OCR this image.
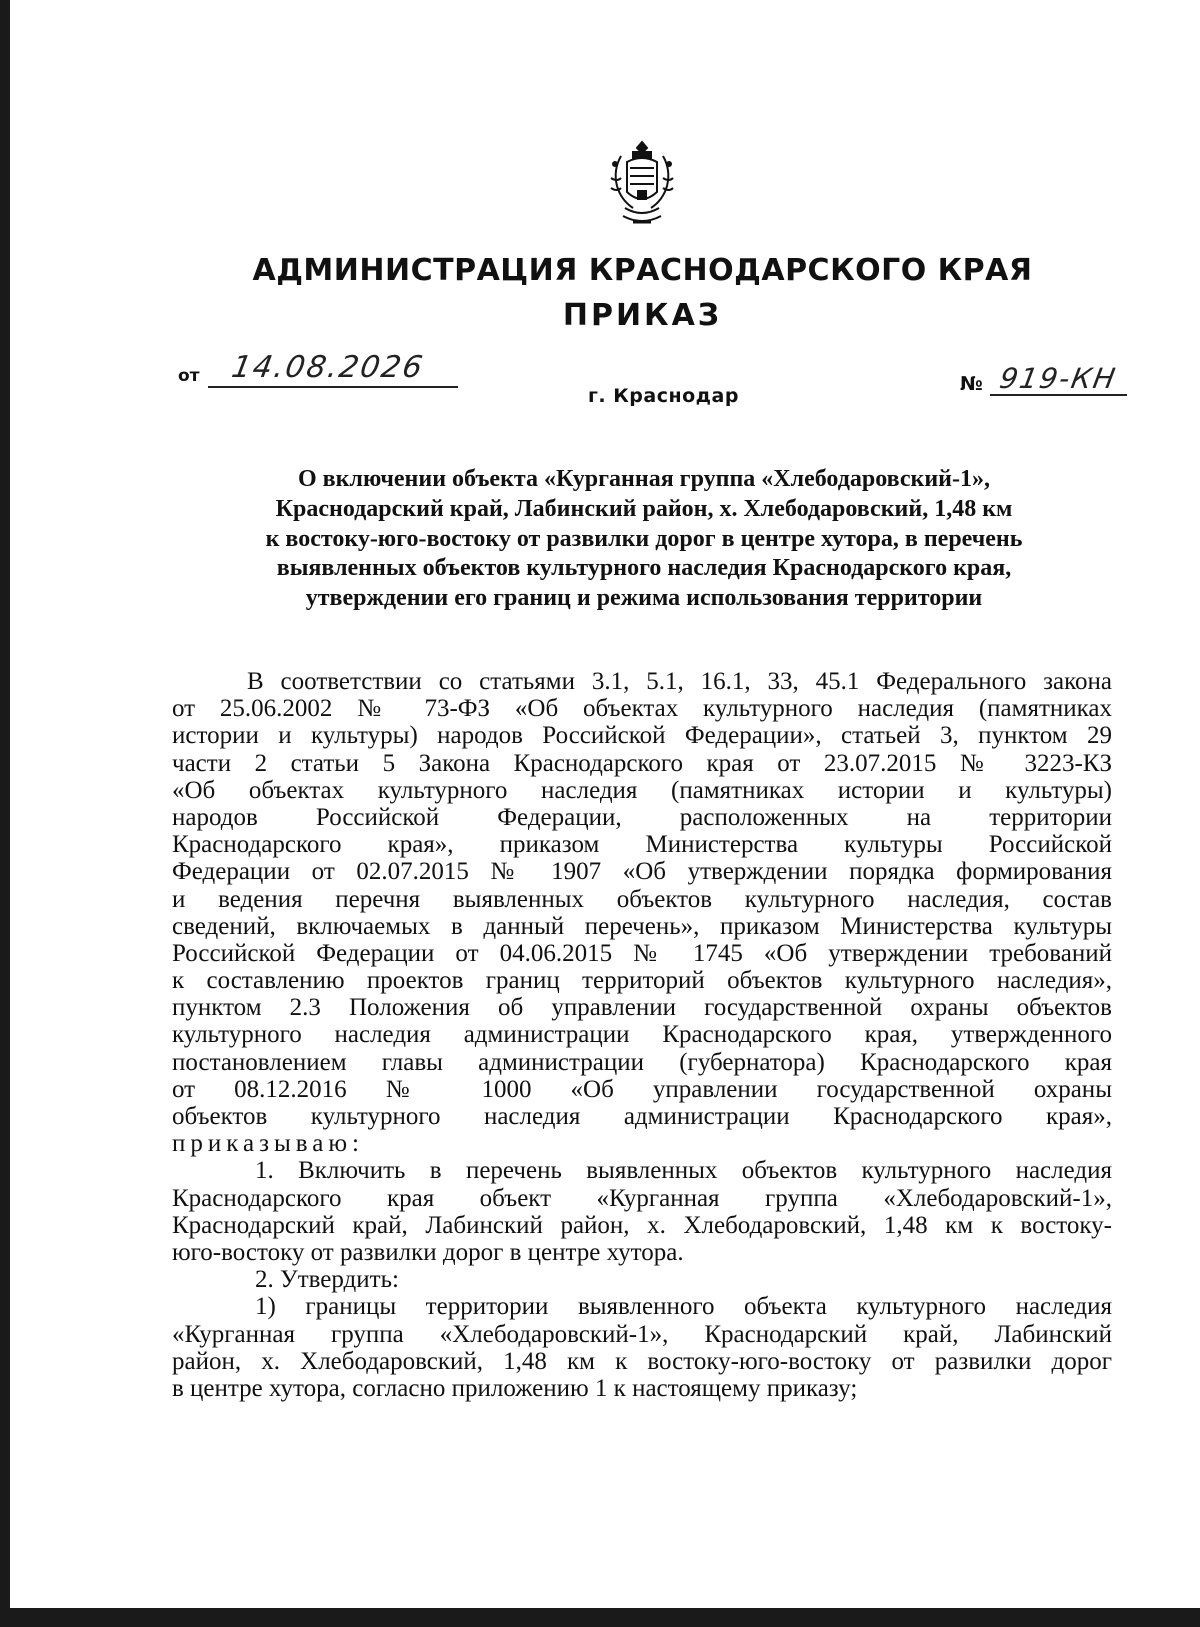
АДМИНИСТРАЦИЯ КРАСНОДАРСКОГО КРАЯ
ПРИКАЗ
от 14.08.2026	№ 919-КН
г. Краснодар
О включении объекта «Курганная группа «Хлебодаровский-1»,
Краснодарский край, Лабинский район, х. Хлебодаровский, 1,48 км
к востоку-юго-востоку от развилки дорог в центре хутора, в перечень
выявленных объектов культурного наследия Краснодарского края,
утверждении его границ и режима использования территории
В соответствии со статьями 3.1, 5.1, 16.1, 33, 45.1 Федерального закона
от 25.06.2002 № 73-ФЗ «Об объектах культурного наследия (памятниках
истории и культуры) народов Российской Федерации», статьей 3, пунктом 29
части 2 статьи 5 Закона Краснодарского края от 23.07.2015 № 3223-КЗ
«Об объектах культурного наследия (памятниках истории и культуры)
народов Российской Федерации, расположенных на территории
Краснодарского края», приказом Министерства культуры Российской
Федерации от 02.07.2015 № 1907 «Об утверждении порядка формирования
и ведения перечня выявленных объектов культурного наследия, состав
сведений, включаемых в данный перечень», приказом Министерства культуры
Российской Федерации от 04.06.2015 № 1745 «Об утверждении требований
к составлению проектов границ территорий объектов культурного наследия»,
пунктом 2.3 Положения об управлении государственной охраны объектов
культурного наследия администрации Краснодарского края, утвержденного
постановлением главы администрации (губернатора) Краснодарского края
от 08.12.2016 № 1000 «Об управлении государственной охраны
объектов культурного наследия администрации Краснодарского края»,
приказываю:
1. Включить в перечень выявленных объектов культурного наследия
Краснодарского края объект «Курганная группа «Хлебодаровский-1»,
Краснодарский край, Лабинский район, х. Хлебодаровский, 1,48 км к востоку-
юго-востоку от развилки дорог в центре хутора.
2. Утвердить:
1) границы территории выявленного объекта культурного наследия
«Курганная группа «Хлебодаровский-1», Краснодарский край, Лабинский
район, х. Хлебодаровский, 1,48 км к востоку-юго-востоку от развилки дорог
в центре хутора, согласно приложению 1 к настоящему приказу;
